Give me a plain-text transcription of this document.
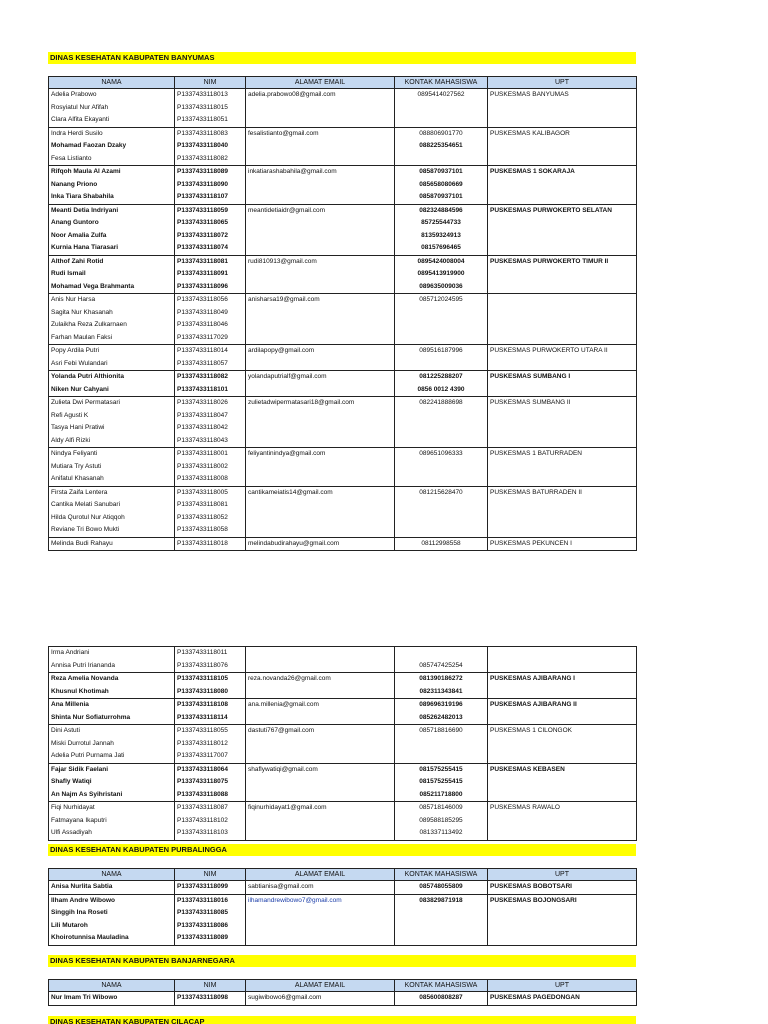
DINAS KESEHATAN KABUPATEN BANYUMAS
NAMA	NIM	ALAMAT EMAIL	KONTAK MAHASISWA	UPT
Adelia Prabowo	P1337433118013	adelia.prabowo08@gmail.com	0895414027562	PUSKESMAS BANYUMAS
Rosyiatul Nur Afifah	P1337433118015			
Clara Alfita Ekayanti	P1337433118051			
Indra Herdi Susilo	P1337433118083	fesalistianto@gmail.com	088806901770	PUSKESMAS KALIBAGOR
Mohamad Faozan Dzaky	P1337433118040		088225354651	
Fesa Listianto	P1337433118082			
Rifqoh Maula Al Azami	P1337433118089	inkatiarashabahila@gmail.com	085870937101	PUSKESMAS 1 SOKARAJA
Nanang Priono	P1337433118090		085658080669	
Inka Tiara Shabahila	P1337433118107		085870937101	
Meanti Detia Indriyani	P1337433118059	meantidetiaidr@gmail.com	082324884596	PUSKESMAS PURWOKERTO SELATAN
Anang Guntoro	P1337433118065		85725544733	
Noor Amalia Zulfa	P1337433118072		81359324913	
Kurnia Hana Tiarasari	P1337433118074		08157696465	
Althof Zahi Rotid	P1337433118081	rudi810913@gmail.com	0895424008004	PUSKESMAS PURWOKERTO TIMUR II
Rudi Ismail	P1337433118091		0895413919900	
Mohamad Vega Brahmanta	P1337433118096		089635009036	
Anis Nur Harsa	P1337433118056	anisharsa19@gmail.com	085712024595	
Sagita Nur Khasanah	P1337433118049			
Zulaikha Reza Zulkarnaen	P1337433118046			
Farhan Maulan Faksi	P1337433117029			
Popy Ardila Putri	P1337433118014	ardilapopy@gmail.com	089516187996	PUSKESMAS PURWOKERTO UTARA II
Asri Febi Wulandari	P1337433118057			
Yolanda Putri Althionita	P1337433118082	yolandaputrialf@gmail.com	081225288207	PUSKESMAS SUMBANG I
Niken Nur Cahyani	P1337433118101		0856 0012 4390	
Zulieta Dwi Permatasari	P1337433118026	zulietadwipermatasari18@gmail.com	082241888698	PUSKESMAS SUMBANG II
Refi Agusti K	P1337433118047			
Tasya Hani Pratiwi	P1337433118042			
Aldy Alfi Rizki	P1337433118043			
Nindya Feliyanti	P1337433118001	feliyantinindya@gmail.com	089651096333	PUSKESMAS 1 BATURRADEN
Mutiara Try Astuti	P1337433118002			
Anifatul Khasanah	P1337433118008			
Firsta Zaifa Lentera	P1337433118005	cantikameiatis14@gmail.com	081215628470	PUSKESMAS BATURRADEN II
Cantika Melati Sanubari	P1337433118081			
Hilda Qurotul Nur Atiqqoh	P1337433118052			
Reviane Tri Bowo Mukti	P1337433118058			
Melinda Budi Rahayu	P1337433118018	melindabudirahayu@gmail.com	08112998558	PUSKESMAS PEKUNCEN I
Irma Andriani	P1337433118011			
Annisa Putri Iriananda	P1337433118076		085747425254	
Reza Amelia Novanda	P1337433118105	reza.novanda26@gmail.com	081390186272	PUSKESMAS AJIBARANG I
Khusnul Khotimah	P1337433118080		082311343841	
Ana Millenia	P1337433118108	ana.millenia@gmail.com	089696319196	PUSKESMAS AJIBARANG II
Shinta Nur Sofiaturrohma	P1337433118114		085262482013	
Dini Astuti	P1337433118055	dastuti767@gmail.com	085718816690	PUSKESMAS 1 CILONGOK
Miski Durrotul Jannah	P1337433118012			
Adelia Putri Purnama Jati	P1337433117007			
Fajar Sidik Faelani	P1337433118064	shaflywatiqi@gmail.com	081575255415	PUSKESMAS KEBASEN
Shafly Watiqi	P1337433118075		081575255415	
An Najm As Syihristani	P1337433118088		085211718800	
Fiqi Nurhidayat	P1337433118087	fiqinurhidayat1@gmail.com	085718146009	PUSKESMAS RAWALO
Fatmayana Ikaputri	P1337433118102		089588185295	
Ulfi Assadiyah	P1337433118103		081337113492	
DINAS KESEHATAN KABUPATEN PURBALINGGA
NAMA	NIM	ALAMAT EMAIL	KONTAK MAHASISWA	UPT
Anisa Nurlita Sabtia	P1337433118099	sabtianisa@gmail.com	085748055809	PUSKESMAS BOBOTSARI
Ilham Andre Wibowo	P1337433118016	ilhamandrewibowo7@gmail.com	083829871918	PUSKESMAS BOJONGSARI
Singgih Ina Roseti	P1337433118085			
Lili Mutaroh	P1337433118086			
Khoirotunnisa Mauladina	P1337433118089			
DINAS KESEHATAN KABUPATEN BANJARNEGARA
NAMA	NIM	ALAMAT EMAIL	KONTAK MAHASISWA	UPT
Nur Imam Tri Wibowo	P1337433118098	sugiwibowo6@gmail.com	085600808287	PUSKESMAS PAGEDONGAN
DINAS KESEHATAN KABUPATEN CILACAP
